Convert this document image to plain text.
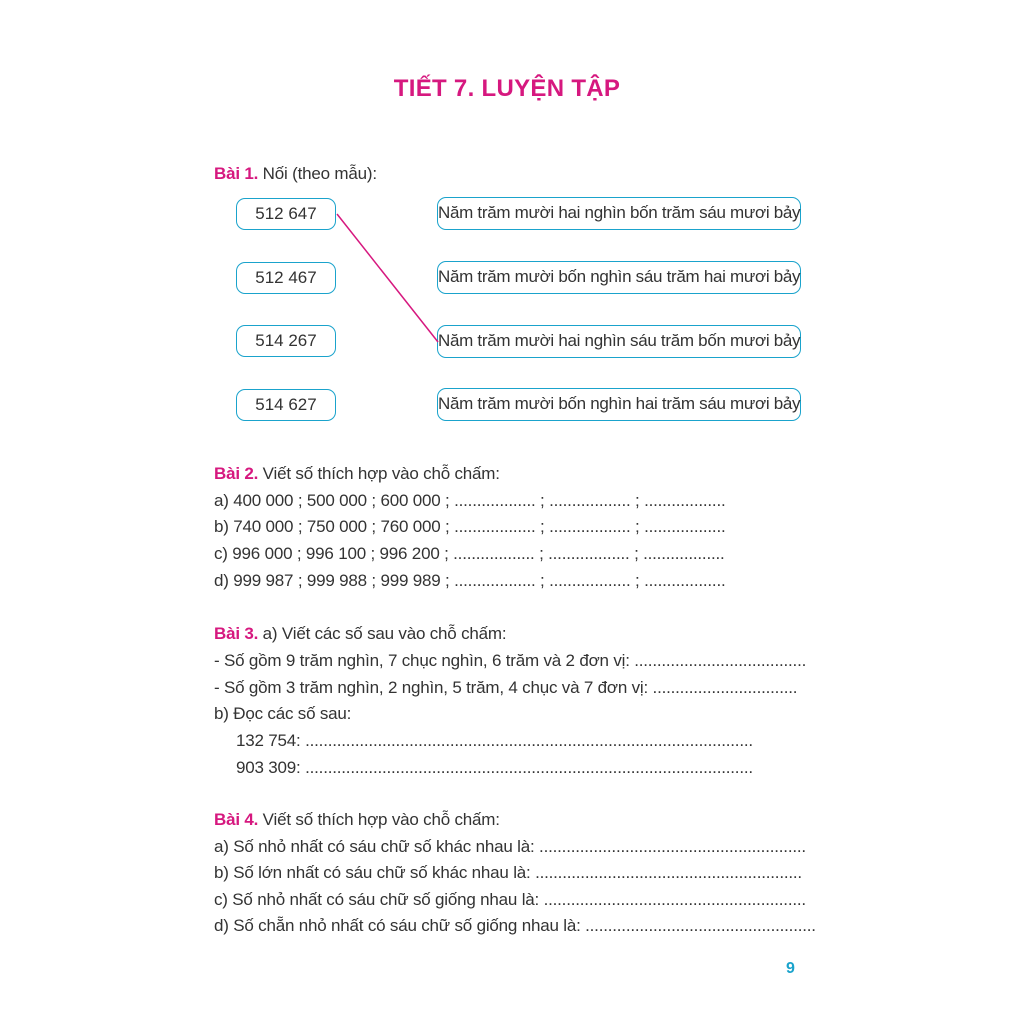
TIẾT 7. LUYỆN TẬP
Bài 1. Nối (theo mẫu):
512 647
512 467
514 267
514 627
Năm trăm mười hai nghìn bốn trăm sáu mươi bảy
Năm trăm mười bốn nghìn sáu trăm hai mươi bảy
Năm trăm mười hai nghìn sáu trăm bốn mươi bảy
Năm trăm mười bốn nghìn hai trăm sáu mươi bảy
Bài 2. Viết số thích hợp vào chỗ chấm:
a) 400 000 ; 500 000 ; 600 000 ; .................. ; .................. ; ..................
b) 740 000 ; 750 000 ; 760 000 ; .................. ; .................. ; ..................
c) 996 000 ; 996 100 ; 996 200 ; .................. ; .................. ; ..................
d) 999 987 ; 999 988 ; 999 989 ; .................. ; .................. ; ..................
Bài 3. a) Viết các số sau vào chỗ chấm:
- Số gồm 9 trăm nghìn, 7 chục nghìn, 6 trăm và 2 đơn vị: ......................................
- Số gồm 3 trăm nghìn, 2 nghìn, 5 trăm, 4 chục và 7 đơn vị: ................................
b) Đọc các số sau:
132 754: ...................................................................................................
903 309: ...................................................................................................
Bài 4. Viết số thích hợp vào chỗ chấm:
a) Số nhỏ nhất có sáu chữ số khác nhau là: ...........................................................
b) Số lớn nhất có sáu chữ số khác nhau là: ...........................................................
c) Số nhỏ nhất có sáu chữ số giống nhau là: ..........................................................
d) Số chẵn nhỏ nhất có sáu chữ số giống nhau là: ...................................................
9
